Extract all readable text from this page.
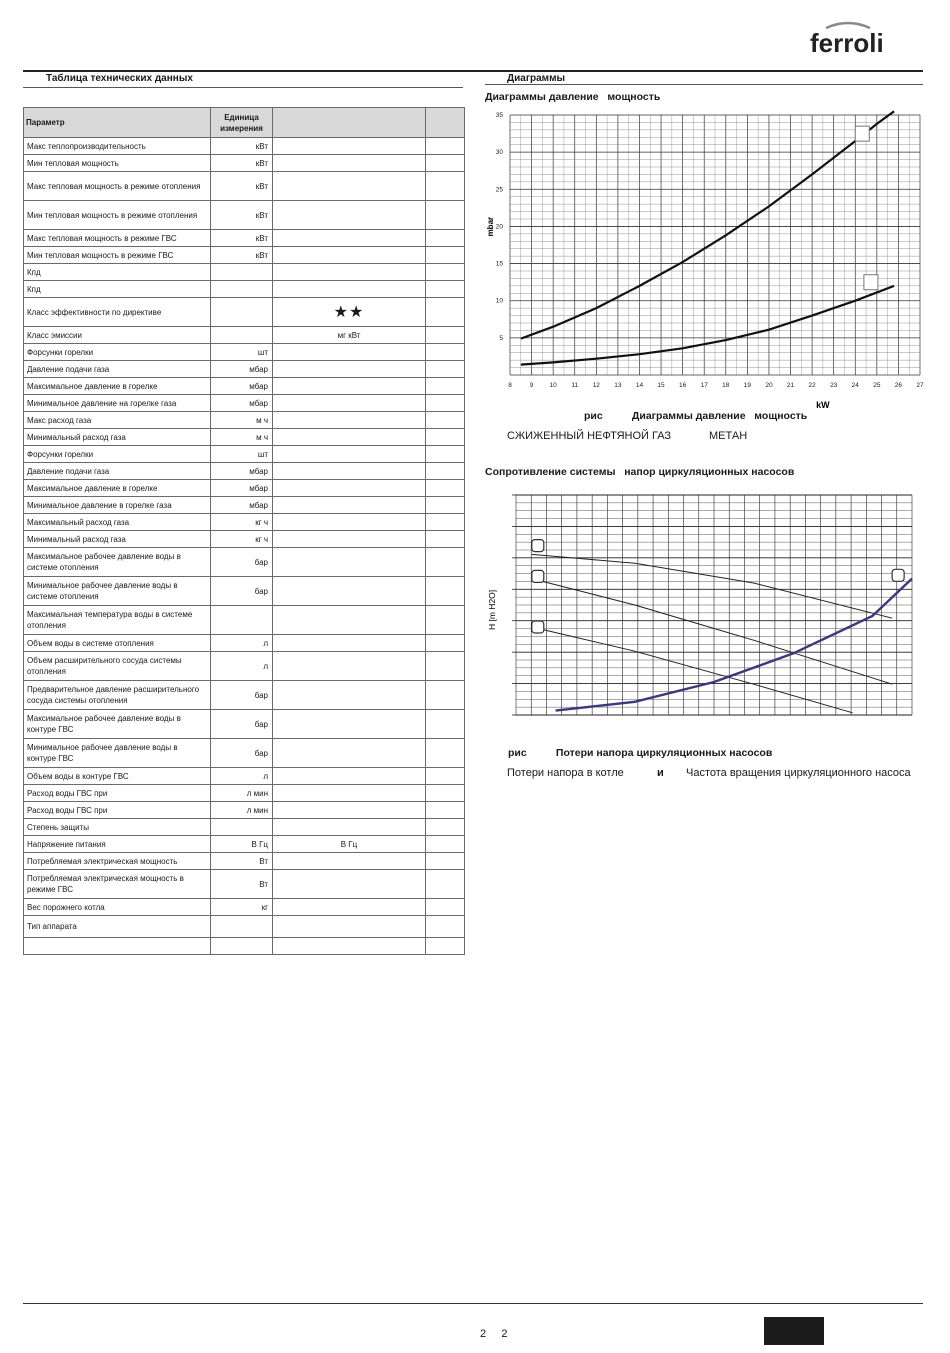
ferroli
Таблица технических данных
Параметр	Единица измерения		
Макс теплопроизводительность	кВт		
Мин тепловая мощность	кВт		
Макс тепловая мощность в режиме отопления	кВт		
Мин тепловая мощность в режиме отопления	кВт		
Макс тепловая мощность в режиме ГВС	кВт		
Мин тепловая мощность в режиме ГВС	кВт		
Кпд			
Кпд			
Класс эффективности по директиве		★★	
Класс эмиссии		мг кВт	
Форсунки горелки	шт		
Давление подачи газа	мбар		
Максимальное давление в горелке	мбар		
Минимальное давление на горелке газа	мбар		
Макс расход газа	м ч		
Минимальный расход газа	м ч		
Форсунки горелки	шт		
Давление подачи газа	мбар		
Максимальное давление в горелке	мбар		
Минимальное давление в горелке газа	мбар		
Максимальный расход газа	кг ч		
Минимальный расход газа	кг ч		
Максимальное рабочее давление воды в системе отопления	бар		
Минимальное рабочее давление воды в системе отопления	бар		
Максимальная температура воды в системе отопления			
Объем воды в системе отопления	л		
Объем расширительного сосуда системы отопления	л		
Предварительное давление расширительного сосуда системы отопления	бар		
Максимальное рабочее давление воды в контуре ГВС	бар		
Минимальное рабочее давление воды в контуре ГВС	бар		
Объем воды в контуре ГВС	л		
Расход воды ГВС при	л мин		
Расход воды ГВС при	л мин		
Степень защиты			
Напряжение питания	В Гц	В Гц	
Потребляемая электрическая мощность	Вт		
Потребляемая электрическая мощность в режиме ГВС	Вт		
Вес порожнего котла	кг		
Тип аппарата			

Диаграммы
Диаграммы давление   мощность
8	9 10 11 12 13 14 15 16 17 18 19 20 21 22 23 24 25 26 27
5
10
15
20
25
30
35
mbar
kW
рис	Диаграммы давление   мощность
СЖИЖЕННЫЙ НЕФТЯНОЙ ГАЗ	МЕТАН
Сопротивление системы   напор циркуляционных насосов
H [m H2O]
рис	Потери напора циркуляционных насосов
Потери напора в котле	и Частота вращения циркуляционного насоса
2     2
